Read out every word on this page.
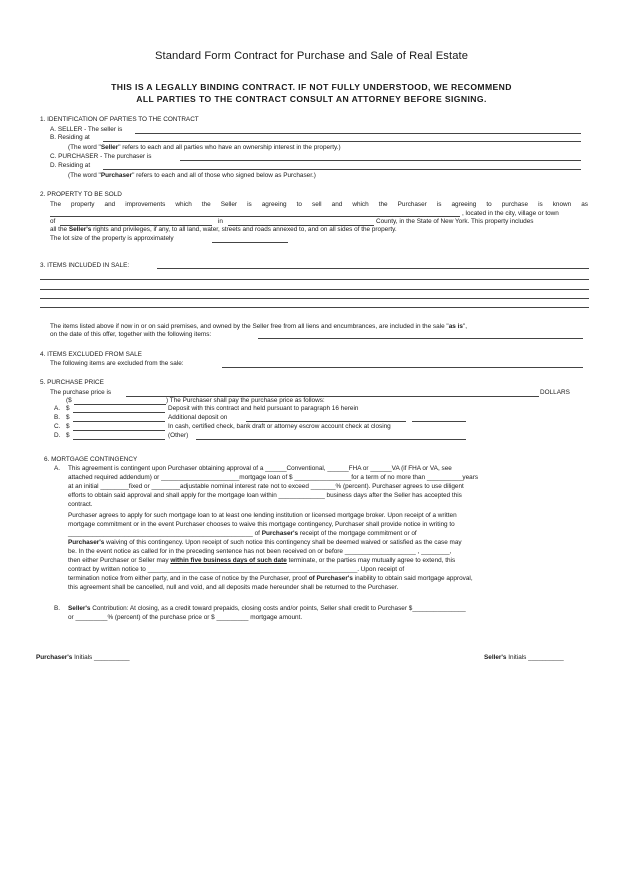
Standard Form Contract for Purchase and Sale of Real Estate
THIS IS A LEGALLY BINDING CONTRACT. IF NOT FULLY UNDERSTOOD, WE RECOMMEND
ALL PARTIES TO THE CONTRACT CONSULT AN ATTORNEY BEFORE SIGNING.
1. IDENTIFICATION OF PARTIES TO THE CONTRACT
A. SELLER - The seller is
B. Residing at
(The word "Seller" refers to each and all parties who have an ownership interest in the property.)
C. PURCHASER - The purchaser is
D. Residing at
(The word "Purchaser" refers to each and all of those who signed below as Purchaser.)
2. PROPERTY TO BE SOLD
The property and improvements which the Seller is agreeing to sell and which the Purchaser is agreeing to purchase is known as
, located in the city, village or town
of	in	County, in the State of New York. This property includes
all the Seller's rights and privileges, if any, to all land, water, streets and roads annexed to, and on all sides of the property.
The lot size of the property is approximately
3. ITEMS INCLUDED IN SALE:
The items listed above if now in or on said premises, and owned by the Seller free from all liens and encumbrances, are included in the sale "as is",
on the date of this offer, together with the following items:
4. ITEMS EXCLUDED FROM SALE
The following items are excluded from the sale:
5. PURCHASE PRICE
The purchase price is	DOLLARS
($	) The Purchaser shall pay the purchase price as follows:
A. $	Deposit with this contract and held pursuant to paragraph 16 herein
B. $	Additional deposit on
C. $	In cash, certified check, bank draft or attorney escrow account check at closing
D. $	(Other)
6. MORTGAGE CONTINGENCY
A. This agreement is contingent upon Purchaser obtaining approval of a ______Conventional, ______FHA or ______VA (if FHA or VA, see
attached required addendum) or ______________________mortgage loan of $ ________________for a term of no more than __________years
at an initial ________fixed or ________adjustable nominal interest rate not to exceed _______% (percent). Purchaser agrees to use diligent
efforts to obtain said approval and shall apply for the mortgage loan within _____________ business days after the Seller has accepted this
contract.
Purchaser agrees to apply for such mortgage loan to at least one lending institution or licensed mortgage broker. Upon receipt of a written
mortgage commitment or in the event Purchaser chooses to waive this mortgage contingency, Purchaser shall provide notice in writing to
____________________________________________________ of Purchaser's receipt of the mortgage commitment or of
Purchaser's waiving of this contingency. Upon receipt of such notice this contingency shall be deemed waived or satisfied as the case may
be. In the event notice as called for in the preceding sentence has not been received on or before ____________________ , ________,
then either Purchaser or Seller may within five business days of such date terminate, or the parties may mutually agree to extend, this
contract by written notice to ___________________________________________________________. Upon receipt of
termination notice from either party, and in the case of notice by the Purchaser, proof of Purchaser's inability to obtain said mortgage approval,
this agreement shall be cancelled, null and void, and all deposits made hereunder shall be returned to the Purchaser.
B. Seller's Contribution: At closing, as a credit toward prepaids, closing costs and/or points, Seller shall credit to Purchaser $_______________
or _________% (percent) of the purchase price or $ _________ mortgage amount.
Purchaser's Initials __________	Seller's Initials __________
